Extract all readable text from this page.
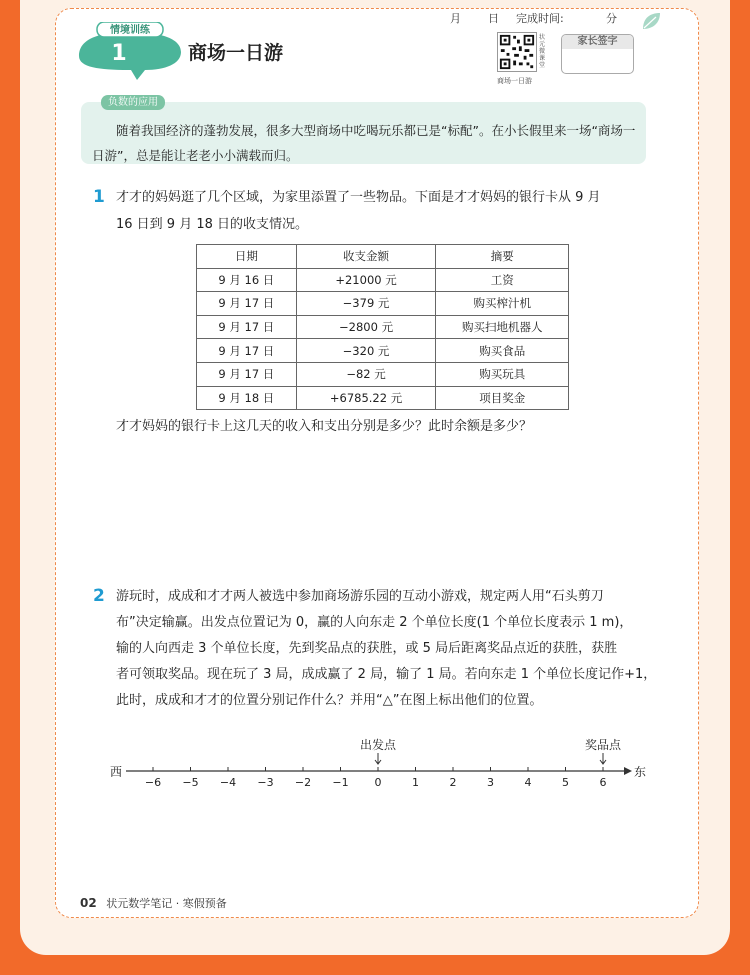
月 日 完成时间:	分
情境训练
1	商场一日游
状元微课堂
商场一日游
家长签字
负数的应用
随着我国经济的蓬勃发展，很多大型商场中吃喝玩乐都已是“标配”。在小长假里来一场“商场一日游”，总是能让老老小小满载而归。
1 才才的妈妈逛了几个区域，为家里添置了一些物品。下面是才才妈妈的银行卡从 9 月
16 日到 9 月 18 日的收支情况。
日期	收支金额	摘要
9 月 16 日	+21000 元	工资
9 月 17 日	−379 元	购买榨汁机
9 月 17 日	−2800 元	购买扫地机器人
9 月 17 日	−320 元	购买食品
9 月 17 日	−82 元	购买玩具
9 月 18 日	+6785.22 元	项目奖金
才才妈妈的银行卡上这几天的收入和支出分别是多少？此时余额是多少？
2 游玩时，成成和才才两人被选中参加商场游乐园的互动小游戏，规定两人用“石头剪刀
布”决定输赢。出发点位置记为 0，赢的人向东走 2 个单位长度(1 个单位长度表示 1 m)，
输的人向西走 3 个单位长度，先到奖品点的获胜，或 5 局后距离奖品点近的获胜，获胜
者可领取奖品。现在玩了 3 局，成成赢了 2 局，输了 1 局。若向东走 1 个单位长度记作+1，
此时，成成和才才的位置分别记作什么？并用“△”在图上标出他们的位置。
西	东
−6 −5 −4 −3 −2 −1 0	1	2	3	4	5	6
出发点	奖品点
02 状元数学笔记 · 寒假预备
